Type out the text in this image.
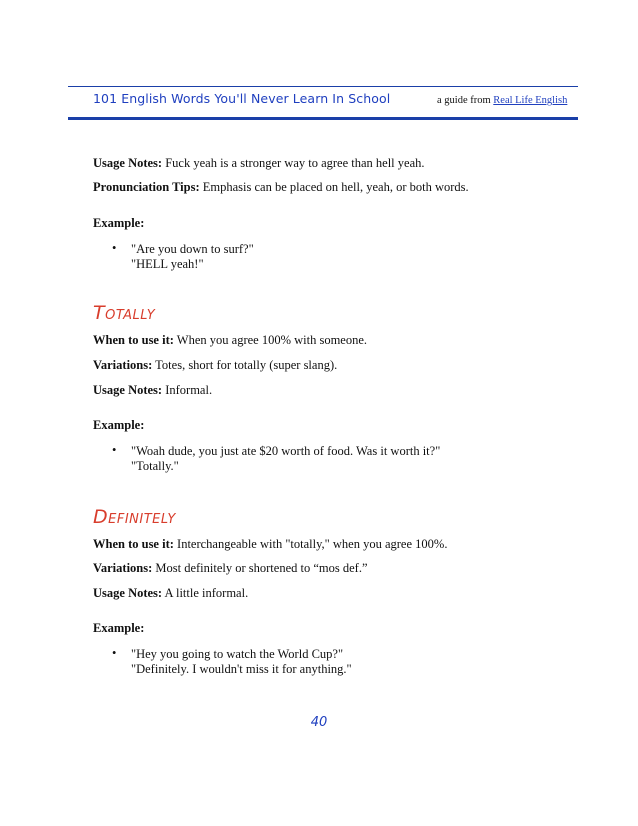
101 English Words You'll Never Learn In School	a guide from Real Life English
Usage Notes: Fuck yeah is a stronger way to agree than hell yeah.
Pronunciation Tips: Emphasis can be placed on hell, yeah, or both words.
Example:
• "Are you down to surf?"
"HELL yeah!"
Totally
When to use it: When you agree 100% with someone.
Variations: Totes, short for totally (super slang).
Usage Notes: Informal.
Example:
• "Woah dude, you just ate $20 worth of food. Was it worth it?"
"Totally."
Definitely
When to use it: Interchangeable with "totally," when you agree 100%.
Variations: Most definitely or shortened to “mos def.”
Usage Notes: A little informal.
Example:
• "Hey you going to watch the World Cup?"
"Definitely. I wouldn't miss it for anything."
40
